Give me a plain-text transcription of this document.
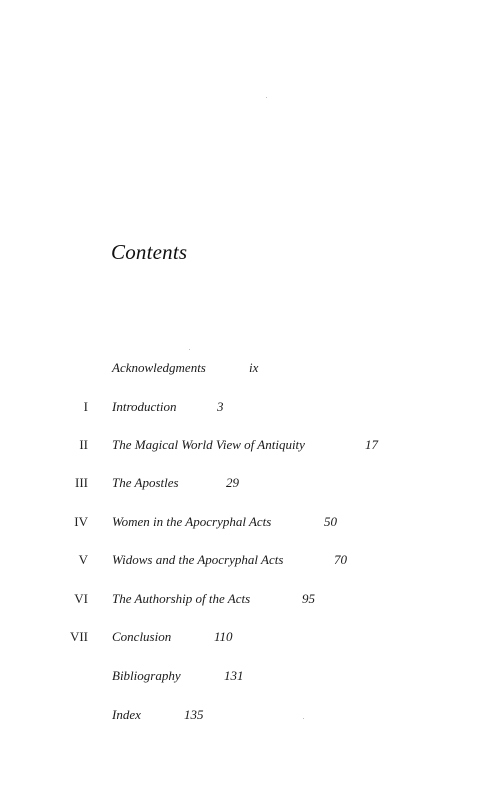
Contents
Acknowledgments	ix
I Introduction	3
II The Magical World View of Antiquity	17
III The Apostles	29
IV Women in the Apocryphal Acts	50
V Widows and the Apocryphal Acts	70
VI The Authorship of the Acts	95
VII Conclusion	110
Bibliography	131
Index	135
